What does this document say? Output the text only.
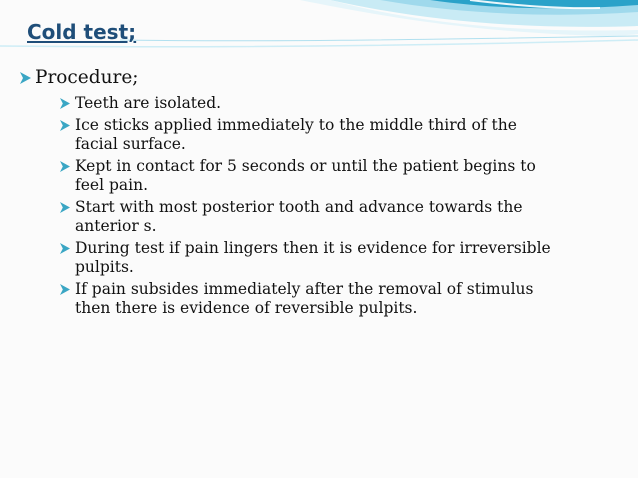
Cold test;
Procedure;
Teeth are isolated.
Ice sticks applied immediately to the middle third of the facial surface.
Kept in contact for 5 seconds or until the patient begins to feel pain.
Start with most posterior tooth and advance towards the anterior s.
During test if pain lingers then it is evidence for irreversible pulpits.
If pain subsides immediately after the removal of stimulus then there is evidence of reversible pulpits.
